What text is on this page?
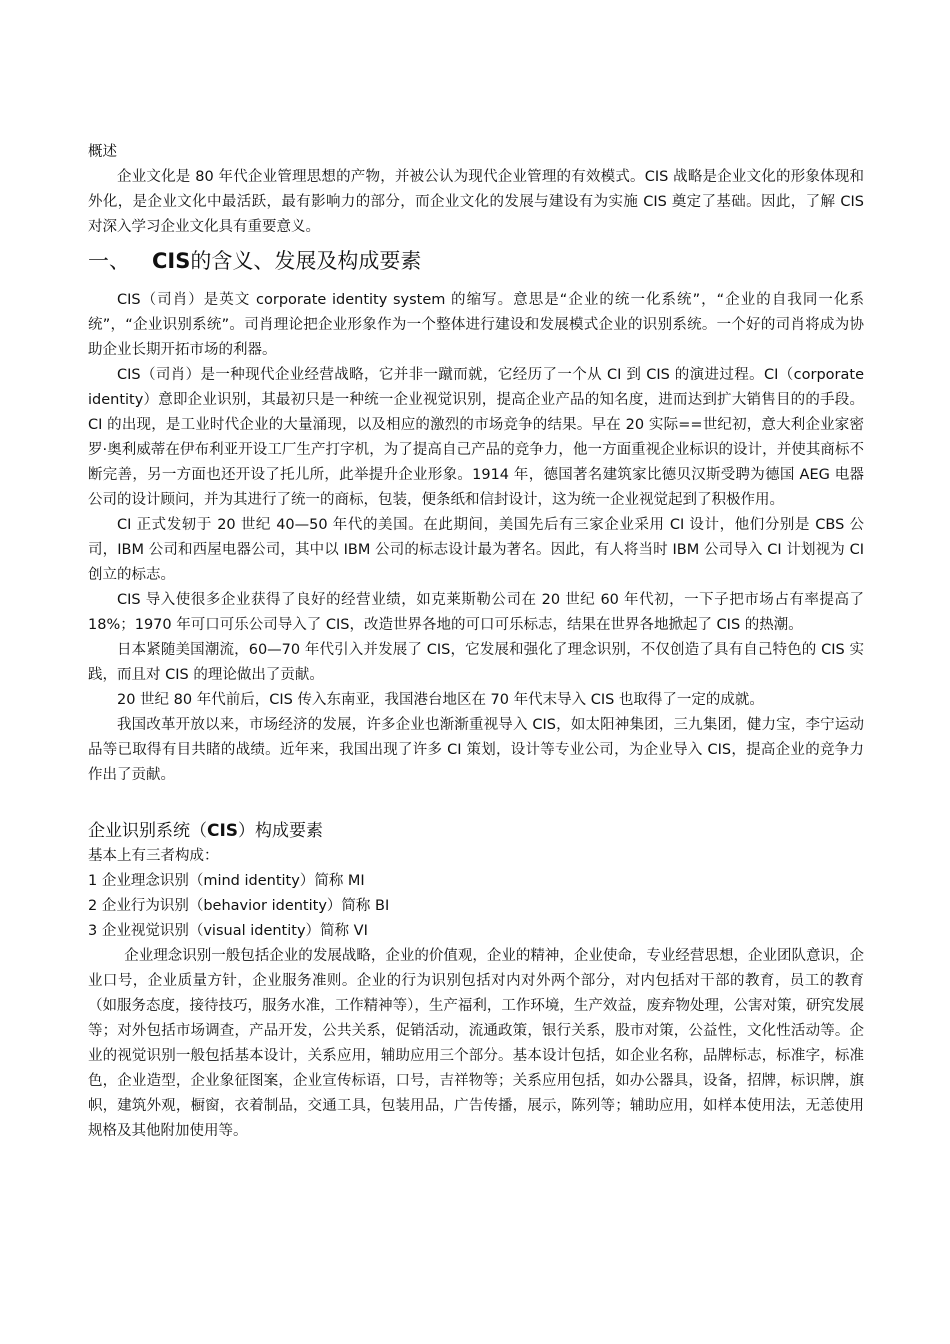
概述

企业文化是 80 年代企业管理思想的产物，并被公认为现代企业管理的有效模式。CIS 战略是企业文化的形象体现和外化，是企业文化中最活跃，最有影响力的部分，而企业文化的发展与建设有为实施 CIS 奠定了基础。因此，了解 CIS 对深入学习企业文化具有重要意义。

一、	CIS的含义、发展及构成要素

CIS（司肖）是英文 corporate identity system 的缩写。意思是“企业的统一化系统”，“企业的自我同一化系统”，“企业识别系统”。司肖理论把企业形象作为一个整体进行建设和发展模式企业的识别系统。一个好的司肖将成为协助企业长期开拓市场的利器。

CIS（司肖）是一种现代企业经营战略，它并非一蹴而就，它经历了一个从 CI 到 CIS 的演进过程。CI（corporate identity）意即企业识别，其最初只是一种统一企业视觉识别，提高企业产品的知名度，进而达到扩大销售目的的手段。CI 的出现，是工业时代企业的大量涌现，以及相应的激烈的市场竞争的结果。早在 20 实际==世纪初，意大利企业家密罗·奥利威蒂在伊布利亚开设工厂生产打字机，为了提高自己产品的竞争力，他一方面重视企业标识的设计，并使其商标不断完善，另一方面也还开设了托儿所，此举提升企业形象。1914 年，德国著名建筑家比德贝汉斯受聘为德国 AEG 电器公司的设计顾问，并为其进行了统一的商标，包装，便条纸和信封设计，这为统一企业视觉起到了积极作用。

CI 正式发轫于 20 世纪 40—50 年代的美国。在此期间，美国先后有三家企业采用 CI 设计，他们分别是 CBS 公司，IBM 公司和西屋电器公司，其中以 IBM 公司的标志设计最为著名。因此，有人将当时 IBM 公司导入 CI 计划视为 CI 创立的标志。

CIS 导入使很多企业获得了良好的经营业绩，如克莱斯勒公司在 20 世纪 60 年代初，一下子把市场占有率提高了 18%；1970 年可口可乐公司导入了 CIS，改造世界各地的可口可乐标志，结果在世界各地掀起了 CIS 的热潮。

日本紧随美国潮流，60—70 年代引入并发展了 CIS，它发展和强化了理念识别，不仅创造了具有自己特色的 CIS 实践，而且对 CIS 的理论做出了贡献。

20 世纪 80 年代前后，CIS 传入东南亚，我国港台地区在 70 年代末导入 CIS 也取得了一定的成就。

我国改革开放以来，市场经济的发展，许多企业也渐渐重视导入 CIS，如太阳神集团，三九集团，健力宝，李宁运动品等已取得有目共睹的战绩。近年来，我国出现了许多 CI 策划，设计等专业公司，为企业导入 CIS，提高企业的竞争力作出了贡献。

企业识别系统（CIS）构成要素

基本上有三者构成：

1 企业理念识别（mind identity）简称 MI

2 企业行为识别（behavior identity）简称 BI

3 企业视觉识别（visual identity）简称 VI

企业理念识别一般包括企业的发展战略，企业的价值观，企业的精神，企业使命，专业经营思想，企业团队意识，企业口号，企业质量方针，企业服务准则。企业的行为识别包括对内对外两个部分，对内包括对干部的教育，员工的教育（如服务态度，接待技巧，服务水准，工作精神等），生产福利，工作环境，生产效益，废弃物处理，公害对策，研究发展等；对外包括市场调查，产品开发，公共关系，促销活动，流通政策，银行关系，股市对策，公益性，文化性活动等。企业的视觉识别一般包括基本设计，关系应用，辅助应用三个部分。基本设计包括，如企业名称，品牌标志，标准字，标准色，企业造型，企业象征图案，企业宣传标语，口号，吉祥物等；关系应用包括，如办公器具，设备，招牌，标识牌，旗帜，建筑外观，橱窗，衣着制品，交通工具，包装用品，广告传播，展示，陈列等；辅助应用，如样本使用法，无恙使用规格及其他附加使用等。
